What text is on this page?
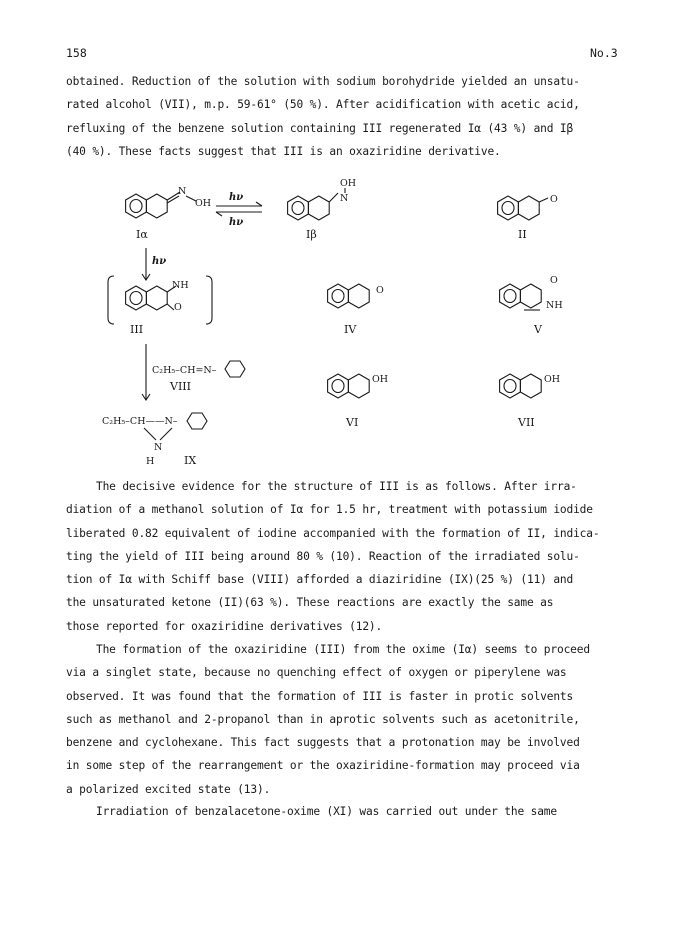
158	No.3

obtained. Reduction of the solution with sodium borohydride yielded an unsatu-
rated alcohol (VII), m.p. 59-61° (50 %). After acidification with acetic acid,
refluxing of the benzene solution containing III regenerated Iα (43 %) and Iβ
(40 %). These facts suggest that III is an oxaziridine derivative.

N
OH
Iα
hν
hν
OH
N
Iβ
O
II
hν
NH
O
III
O
IV
O
NH
V
C₂H₅–CH=N–
VIII
OH
VI
OH
VII
C₂H₅–CH——N–
N
H	IX

The decisive evidence for the structure of III is as follows. After irra-
diation of a methanol solution of Iα for 1.5 hr, treatment with potassium iodide
liberated 0.82 equivalent of iodine accompanied with the formation of II, indica-
ting the yield of III being around 80 % (10). Reaction of the irradiated solu-
tion of Iα with Schiff base (VIII) afforded a diaziridine (IX)(25 %) (11) and
the unsaturated ketone (II)(63 %). These reactions are exactly the same as
those reported for oxaziridine derivatives (12).

The formation of the oxaziridine (III) from the oxime (Iα) seems to proceed
via a singlet state, because no quenching effect of oxygen or piperylene was
observed. It was found that the formation of III is faster in protic solvents
such as methanol and 2-propanol than in aprotic solvents such as acetonitrile,
benzene and cyclohexane. This fact suggests that a protonation may be involved
in some step of the rearrangement or the oxaziridine-formation may proceed via
a polarized excited state (13).

Irradiation of benzalacetone-oxime (XI) was carried out under the same
